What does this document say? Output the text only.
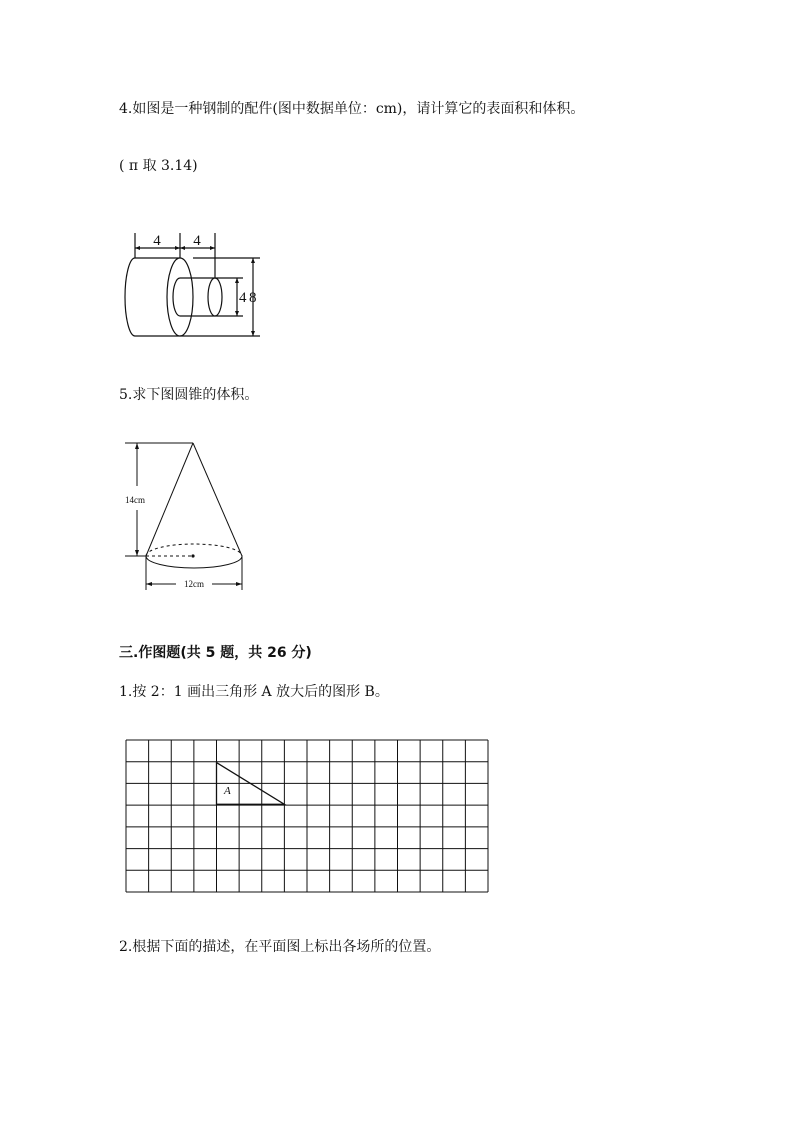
4.如图是一种钢制的配件(图中数据单位：cm)，请计算它的表面积和体积。
( π 取 3.14)
4 4
4 8
5.求下图圆锥的体积。
14cm
12cm
三.作图题(共 5 题，共 26 分)
1.按 2：1 画出三角形 A 放大后的图形 B。
A
2.根据下面的描述，在平面图上标出各场所的位置。
